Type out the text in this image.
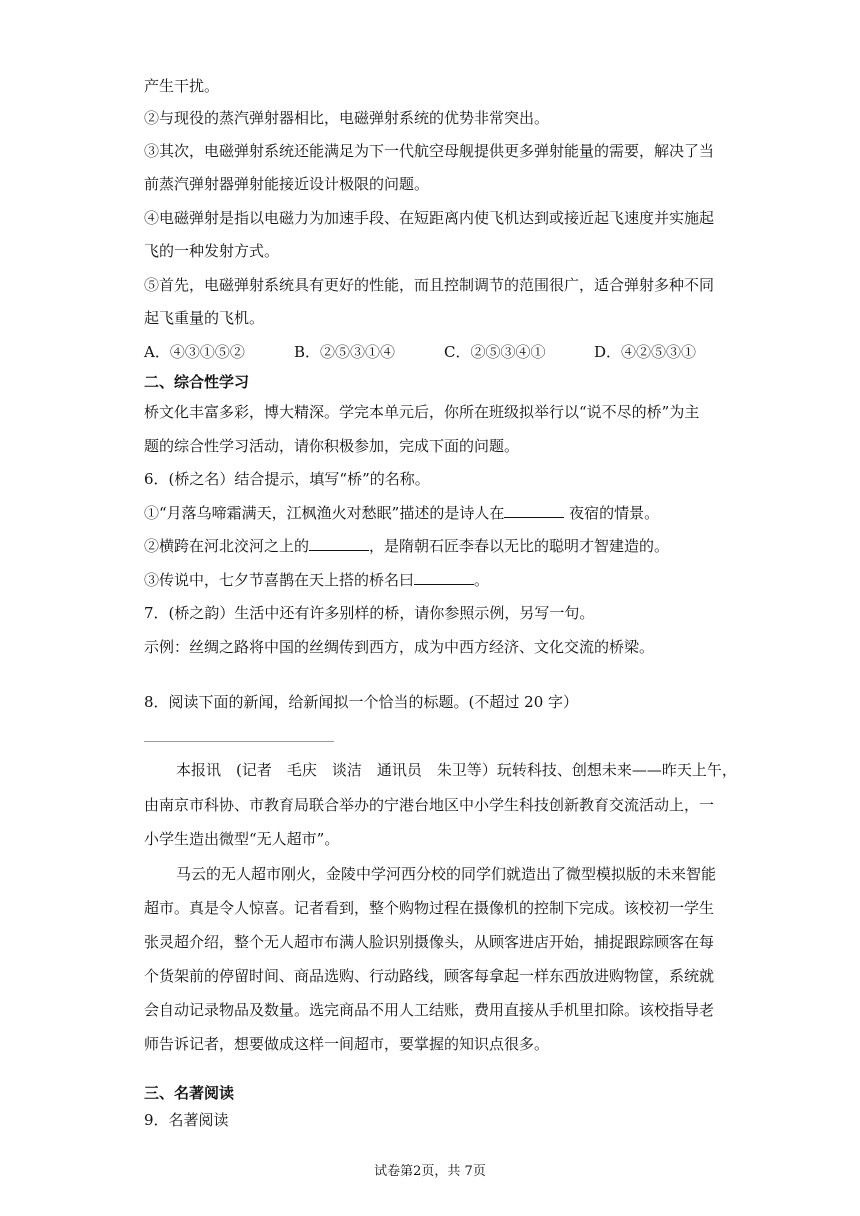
产生干扰。
②与现役的蒸汽弹射器相比，电磁弹射系统的优势非常突出。
③其次，电磁弹射系统还能满足为下一代航空母舰提供更多弹射能量的需要，解决了当
前蒸汽弹射器弹射能接近设计极限的问题。
④电磁弹射是指以电磁力为加速手段、在短距离内使飞机达到或接近起飞速度并实施起
飞的一种发射方式。
⑤首先，电磁弹射系统具有更好的性能，而且控制调节的范围很广，适合弹射多种不同
起飞重量的飞机。
A．④③①⑤②	B．②⑤③①④	C．②⑤③④①	D．④②⑤③①
二、综合性学习
桥文化丰富多彩，博大精深。学完本单元后，你所在班级拟举行以“说不尽的桥”为主
题的综合性学习活动，请你积极参加，完成下面的问题。
6．(桥之名）结合提示，填写“桥”的名称。
①“月落乌啼霜满天，江枫渔火对愁眠”描述的是诗人在	夜宿的情景。
②横跨在河北洨河之上的	，是隋朝石匠李春以无比的聪明才智建造的。
③传说中，七夕节喜鹊在天上搭的桥名曰	。
7．(桥之韵）生活中还有许多别样的桥，请你参照示例，另写一句。
示例：丝绸之路将中国的丝绸传到西方，成为中西方经济、文化交流的桥梁。
8．阅读下面的新闻，给新闻拟一个恰当的标题。(不超过 20 字）
本报讯　(记者　毛庆　谈洁　通讯员　朱卫等）玩转科技、创想未来——昨天上午，
由南京市科协、市教育局联合举办的宁港台地区中小学生科技创新教育交流活动上，一
小学生造出微型“无人超市”。
马云的无人超市刚火，金陵中学河西分校的同学们就造出了微型模拟版的未来智能
超市。真是令人惊喜。记者看到，整个购物过程在摄像机的控制下完成。该校初一学生
张灵超介绍，整个无人超市布满人脸识别摄像头，从顾客进店开始，捕捉跟踪顾客在每
个货架前的停留时间、商品选购、行动路线，顾客每拿起一样东西放进购物筐，系统就
会自动记录物品及数量。选完商品不用人工结账，费用直接从手机里扣除。该校指导老
师告诉记者，想要做成这样一间超市，要掌握的知识点很多。
三、名著阅读
9．名著阅读
试卷第2页，共 7页
